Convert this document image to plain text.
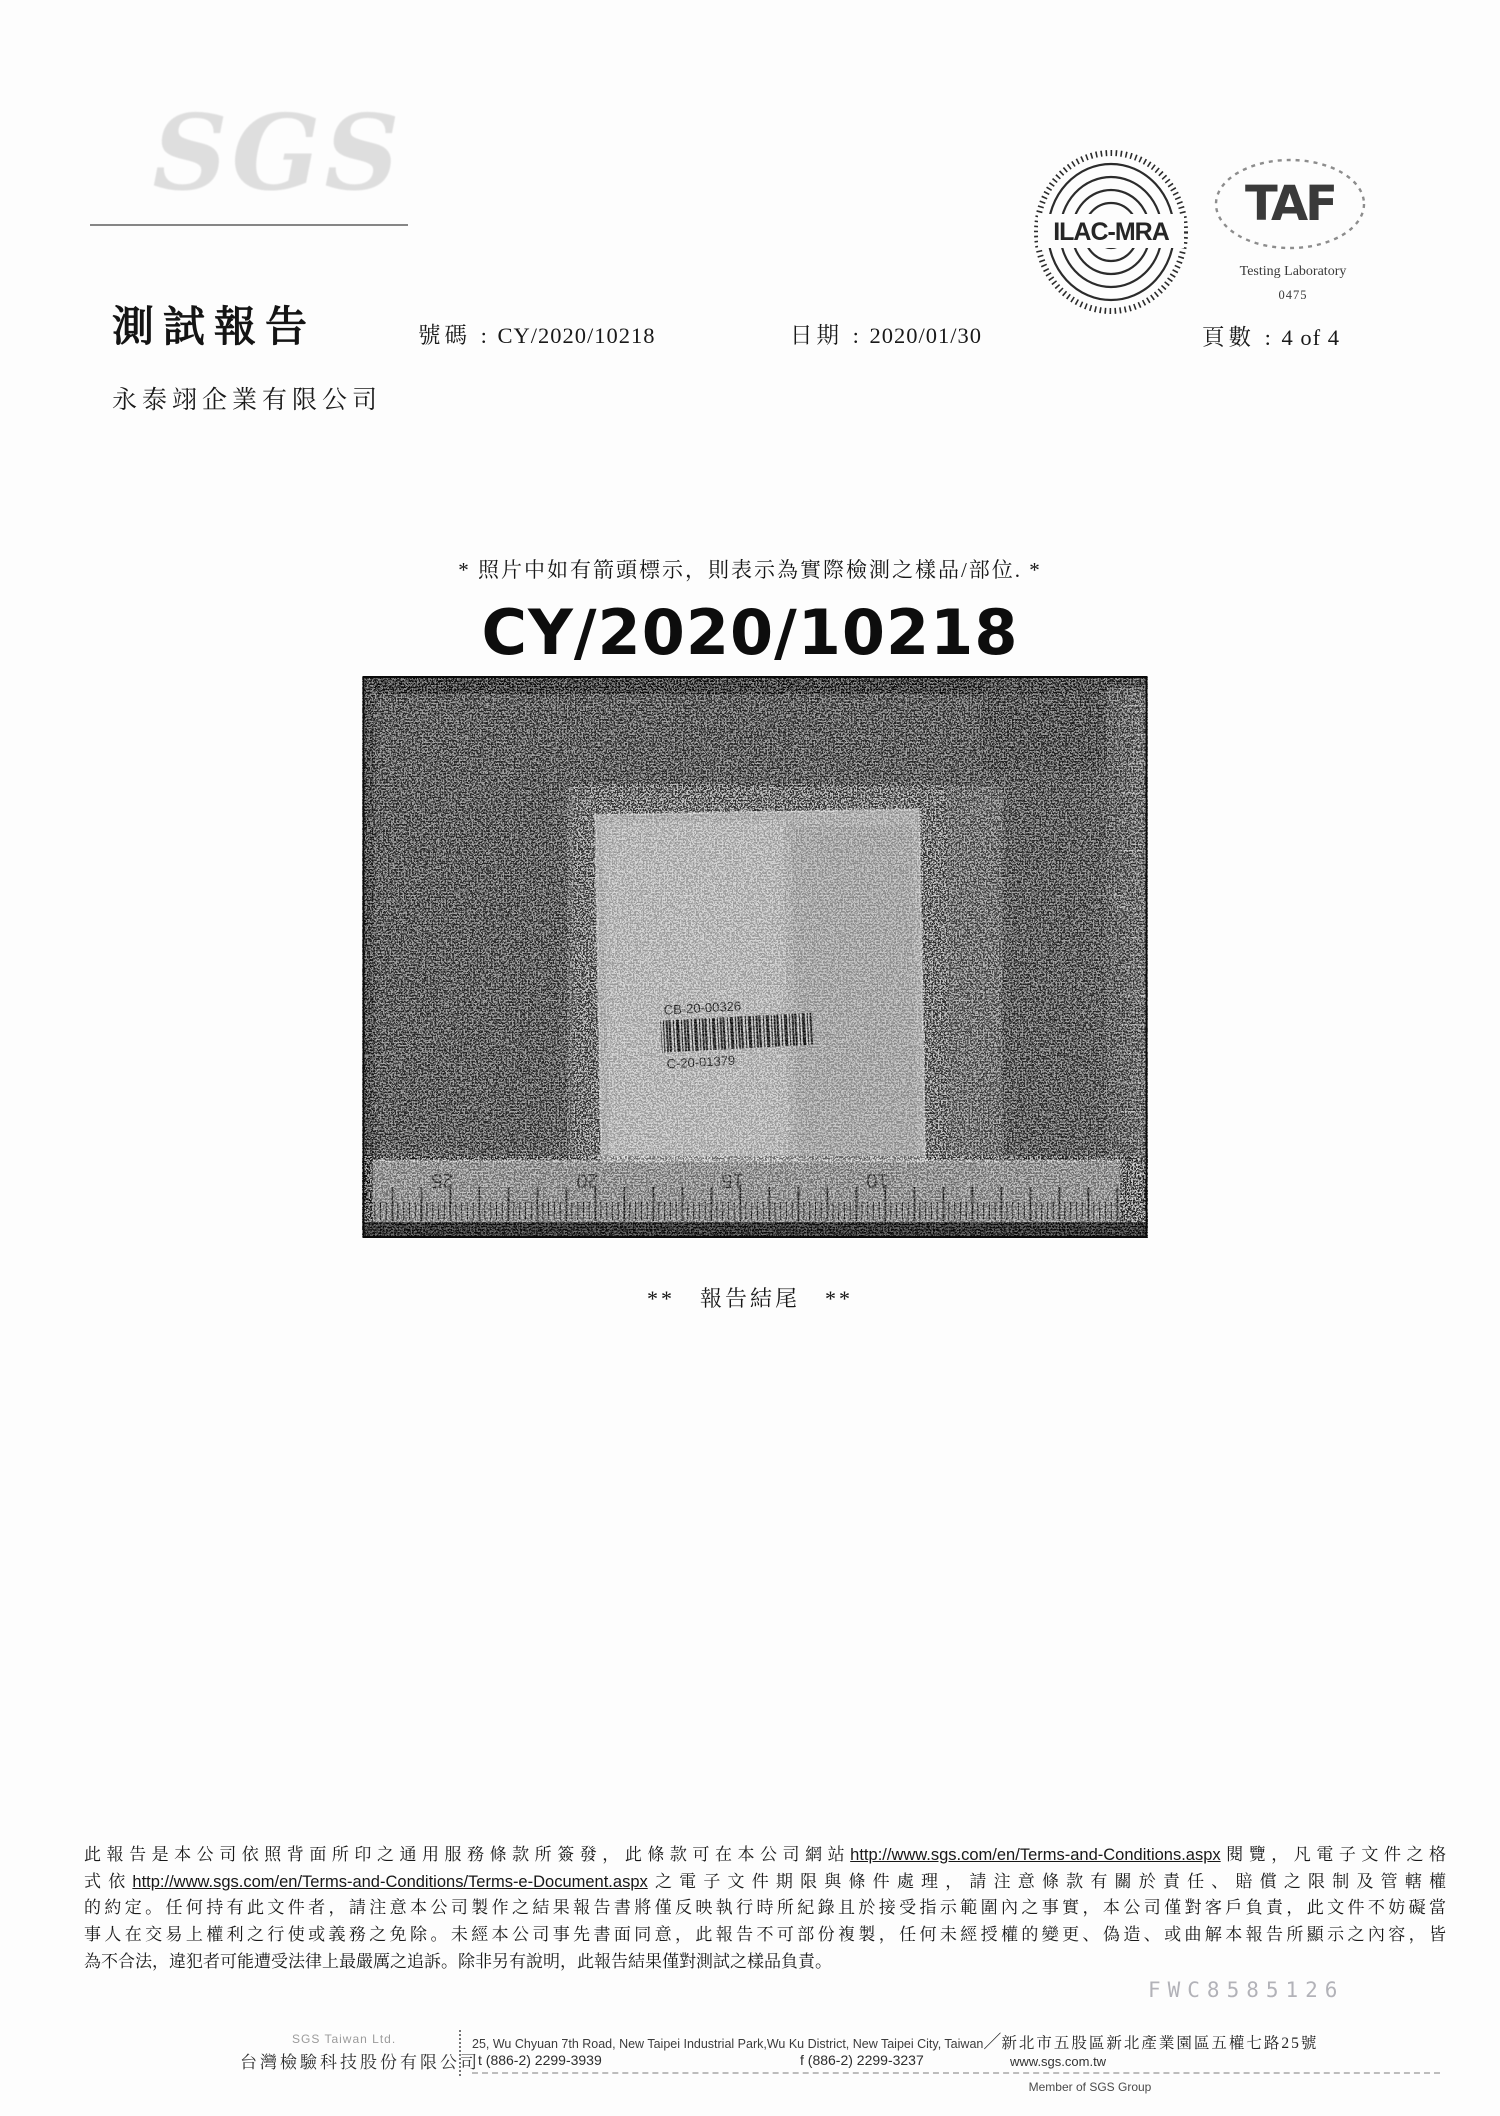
SGS
ILAC-MRA TAF
Testing Laboratory
0475
測試報告	號碼 : CY/2020/10218	日期 : 2020/01/30	頁數 : 4 of 4
永泰翊企業有限公司
* 照片中如有箭頭標示，則表示為實際檢測之樣品/部位. *
CY/2020/10218
10
CB-20-00326
C-20-01379
25	20	15	10
**　報告結尾　**
此報告是本公司依照背面所印之通用服務條款所簽發，此條款可在本公司網站http://www.sgs.com/en/Terms-and-Conditions.aspx閱覽，凡電子文件之格
式依http://www.sgs.com/en/Terms-and-Conditions/Terms-e-Document.aspx之電子文件期限與條件處理，請注意條款有關於責任、賠償之限制及管轄權
的約定。任何持有此文件者，請注意本公司製作之結果報告書將僅反映執行時所紀錄且於接受指示範圍內之事實，本公司僅對客戶負責，此文件不妨礙當
事人在交易上權利之行使或義務之免除。未經本公司事先書面同意，此報告不可部份複製，任何未經授權的變更、偽造、或曲解本報告所顯示之內容，皆
為不合法，違犯者可能遭受法律上最嚴厲之追訴。除非另有說明，此報告結果僅對測試之樣品負責。
FWC8585126
SGS Taiwan Ltd.
台灣檢驗科技股份有限公司
25, Wu Chyuan 7th Road, New Taipei Industrial Park,Wu Ku District, New Taipei City, Taiwan／新北市五股區新北產業園區五權七路25號
t (886-2) 2299-3939	f (886-2) 2299-3237	www.sgs.com.tw
Member of SGS Group
